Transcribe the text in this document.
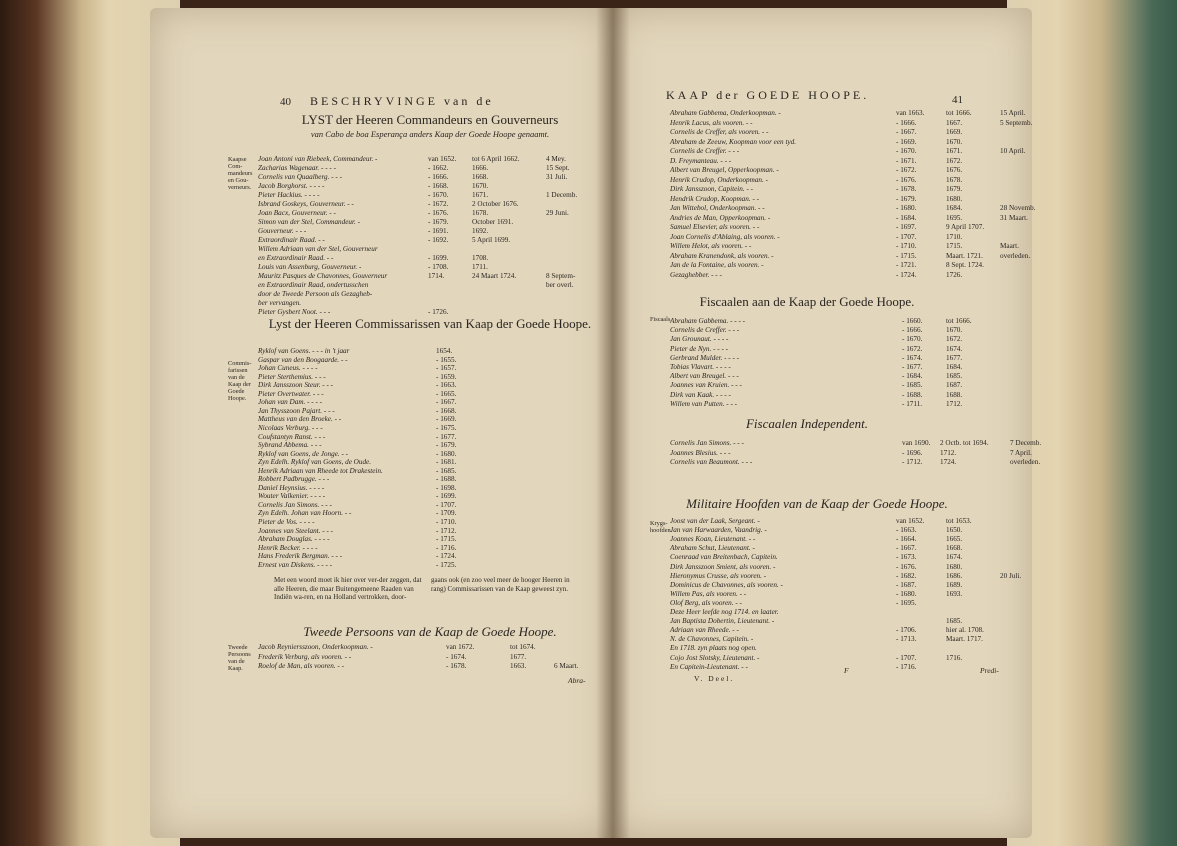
40 BESCHRYVINGE van de
LYST der Heeren Commandeurs en Gouverneurs
van Cabo de boa Esperança anders Kaap der Goede Hoope genaamt.
Kaapse Com-mandeurs en Gou-verneurs.
Joan Antoni van Riebeek, Commandeur. -	van 1652. tot 6 April 1662.	4 Mey.
Zacharias Wagenaar. - - - -	- 1662.	1666.	15 Sept.
Cornelis van Quaalberg. - - -	- 1666.	1668.	31 Juli.
Jacob Borghorst. - - - -	- 1668.	1670.
Pieter Hackius. - - - -	- 1670.	1671.	1 Decemb.
Isbrand Goskeys, Gouverneur. - -	- 1672.	2 October 1676.
Joan Bacx, Gouverneur. - -	- 1676.	1678.	29 Juni.
Simon van der Stel, Commandeur. -	- 1679.	October 1691.
Gouverneur. - - -	- 1691.	1692.
Extraordinair Raad. - -	- 1692.	5 April 1699.
Willem Adriaan van der Stel, Gouverneur
en Extraordinair Raad. - -	- 1699.	1708.
Louis van Assenburg, Gouverneur. -	- 1708.	1711.
Mauritz Pasques de Chavonnes, Gouverneur	1714.	24 Maart 1724.	8 Septem-
en Extraordinair Raad, ondertusschen	ber overl.
door de Tweede Persoon als Gezagheb-
ber vervangen.
Pieter Gysbert Noot. - - -	- 1726.
Lyst der Heeren Commissarissen van Kaap der Goede Hoope.
Commis-farissen van de Kaap der Goede Hoope.
Ryklof van Goens. - - - in 't jaar	1654.
Gaspar van den Boogaarde. - -	- 1655.
Johan Cuneus. - - - -	- 1657.
Pieter Sterthemius. - - -	- 1659.
Dirk Jansszoon Steur. - - -	- 1663.
Pieter Overtwater. - - -	- 1665.
Johan van Dam. - - - -	- 1667.
Jan Thysszoon Pajart. - - -	- 1668.
Mattheus van den Broeke. - -	- 1669.
Nicolaas Verburg. - - -	- 1675.
Coufstantyn Ranst. - - -	- 1677.
Sybrand Abbema. - - -	- 1679.
Ryklof van Goens, de Jonge. - -	- 1680.
Zyn Edelh. Ryklof van Goens, de Oude.	- 1681.
Henrik Adriaan van Rheede tot Drakestein.	- 1685.
Robbert Padbrugge. - - -	- 1688.
Daniel Heynsius. - - - -	- 1698.
Wouter Valkenier. - - - -	- 1699.
Cornelis Jan Simons. - - -	- 1707.
Zyn Edelh. Johan van Hoorn. - -	- 1709.
Pieter de Vos. - - - -	- 1710.
Joannes van Steelant. - - -	- 1712.
Abraham Douglas. - - - -	- 1715.
Henrik Becker. - - - -	- 1716.
Hans Frederik Bergman. - - -	- 1724.
Ernest van Diskens. - - - -	- 1725.
Met een woord moet ik hier over ver-der zeggen, dat alle Heeren, die maar Buitengemeene Raaden van Indiën wa-ren, en na Holland vertrokken, door-
gaans ook (en zoo veel meer de hooger Heeren in rang) Commissarissen van de Kaap geweest zyn.
Tweede Persoons van de Kaap de Goede Hoope.
Tweede Persoons van de Kaap.
Jacob Reyniersszoon, Onderkoopman. -	van 1672.	tot 1674.
Frederik Verburg, als vooren. - -	- 1674.	1677.
Roelof de Man, als vooren. - -	- 1678.	1663.	6 Maart.
Abra-
KAAP der GOEDE HOOPE.	41
Abraham Gabbema, Onderkoopman. -	van 1663.	tot 1666.	15 April.
Henrik Lacus, als vooren. - -	- 1666.	1667.	5 Septemb.
Cornelis de Creffer, als vooren. - -	- 1667.	1669.
Abraham de Zeeuw, Koopman voor een tyd.	- 1669.	1670.
Cornelis de Creffer. - - -	- 1670.	1671.	10 April.
D. Freymanteau. - - -	- 1671.	1672.
Albert van Breugel, Opperkoopman. -	- 1672.	1676.
Henrik Crudop, Onderkoopman. -	- 1676.	1678.
Dirk Jansszoon, Capitein. - -	- 1678.	1679.
Hendrik Crudop, Koopman. - -	- 1679.	1680.
Jan Wittebol, Onderkoopman. - -	- 1680.	1684.	28 Novemb.
Andries de Man, Opperkoopman. -	- 1684.	1695.	31 Maart.
Samuel Elsevier, als vooren. - -	- 1697.	9 April 1707.
Joan Cornelis d'Ablaing, als vooren. -	- 1707.	1710.
Willem Helot, als vooren. - -	- 1710.	1715.	Maart.
Abraham Kranendonk, als vooren. -	- 1715.	Maart. 1721. overleden.
Jan de la Fontaine, als vooren. -	- 1721.	8 Sept. 1724.
Gezaghebber. - - -	- 1724.	1726.
Fiscaalen aan de Kaap der Goede Hoope.
Fiscaals.
Abraham Gabbema. - - - -	- 1660.	tot 1666.
Cornelis de Creffer. - - -	- 1666.	1670.
Jan Grounaut. - - - -	- 1670.	1672.
Pieter de Nyn. - - - -	- 1672.	1674.
Gerbrand Mulder. - - - -	- 1674.	1677.
Tobias Vlavart. - - - -	- 1677.	1684.
Albert van Breugel. - - -	- 1684.	1685.
Joannes van Kruien. - - -	- 1685.	1687.
Dirk van Kaak. - - - -	- 1688.	1688.
Willem van Putten. - - -	- 1711.	1712.
Fiscaalen Independent.
Cornelis Jan Simons. - - -	van 1690. 2 Octb. tot 1694.	7 Decemb.
Joannes Blesius. - - -	- 1696. 1712.	7 April.
Cornelis van Beaumont. - - -	- 1712. 1724.	overleden.
Militaire Hoofden van de Kaap der Goede Hoope.
Krygs-hoofden.
Joost van der Laak, Sergeant. -	van 1652.	tot 1653.
Jan van Harwaarden, Vaandrig. -	- 1663.	1650.
Joannes Koan, Lieutenant. - -	- 1664.	1665.
Abraham Schut, Lieutenant. -	- 1667.	1668.
Coenraad van Breitenbach, Capitein.	- 1673.	1674.
Dirk Jansszoon Smient, als vooren. -	- 1676.	1680.
Hieronymus Crusse, als vooren. -	- 1682.	1686.	20 Juli.
Dominicus de Chavonnes, als vooren. -	- 1687.	1689.
Willem Pas, als vooren. - -	- 1680.	1693.
Olof Berg, als vooren. - -	- 1695.
Deze Heer leefde nog 1714. en laater.
Jan Baptista Dobertin, Lieutenant. -	1685.
Adriaan van Rheede. - -	- 1706.	hier al. 1708.
N. de Chavonnes, Capitein. -	- 1713.	Maart. 1717.
En 1718. zyn plaats nog open.
Cojo Jost Slotsky, Lieutenant. -	- 1707.	1716.
En Capitein-Lieutenant. - -	- 1716.
V. Deel.
F	Predi-
